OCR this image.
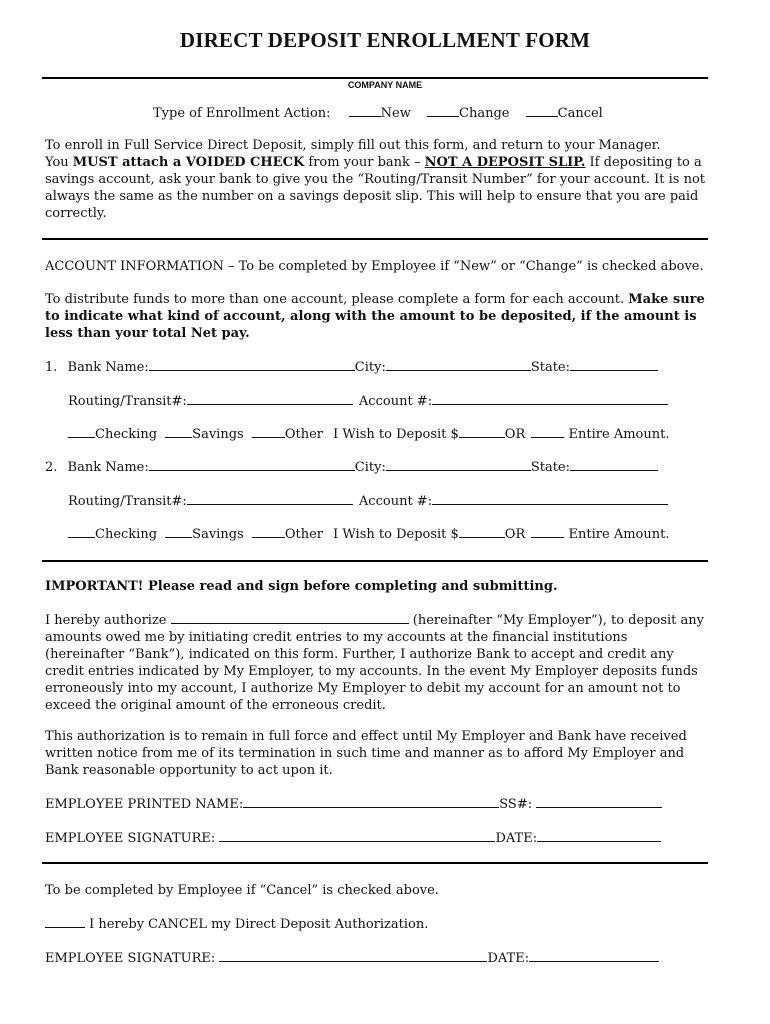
DIRECT DEPOSIT ENROLLMENT FORM
COMPANY NAME
Type of Enrollment Action:	New	Change	Cancel
To enroll in Full Service Direct Deposit, simply fill out this form, and return to your Manager.
You MUST attach a VOIDED CHECK from your bank – NOT A DEPOSIT SLIP. If depositing to a savings account, ask your bank to give you the “Routing/Transit Number” for your account. It is not always the same as the number on a savings deposit slip. This will help to ensure that you are paid correctly.
ACCOUNT INFORMATION – To be completed by Employee if “New” or “Change” is checked above.
To distribute funds to more than one account, please complete a form for each account. Make sure to indicate what kind of account, along with the amount to be deposited, if the amount is less than your total Net pay.
1. Bank Name:	City:	State:
Routing/Transit#:	Account #:
Checking	Savings	Other I Wish to Deposit $	OR	Entire Amount.
2. Bank Name:	City:	State:
Routing/Transit#:	Account #:
Checking	Savings	Other I Wish to Deposit $	OR	Entire Amount.
IMPORTANT! Please read and sign before completing and submitting.
I hereby authorize	(hereinafter “My Employer”), to deposit any amounts owed me by initiating credit entries to my accounts at the financial institutions (hereinafter “Bank”), indicated on this form. Further, I authorize Bank to accept and credit any credit entries indicated by My Employer, to my accounts. In the event My Employer deposits funds erroneously into my account, I authorize My Employer to debit my account for an amount not to exceed the original amount of the erroneous credit.
This authorization is to remain in full force and effect until My Employer and Bank have received written notice from me of its termination in such time and manner as to afford My Employer and Bank reasonable opportunity to act upon it.
EMPLOYEE PRINTED NAME:	SS#:
EMPLOYEE SIGNATURE:	DATE:
To be completed by Employee if “Cancel” is checked above.
I hereby CANCEL my Direct Deposit Authorization.
EMPLOYEE SIGNATURE:	DATE:
